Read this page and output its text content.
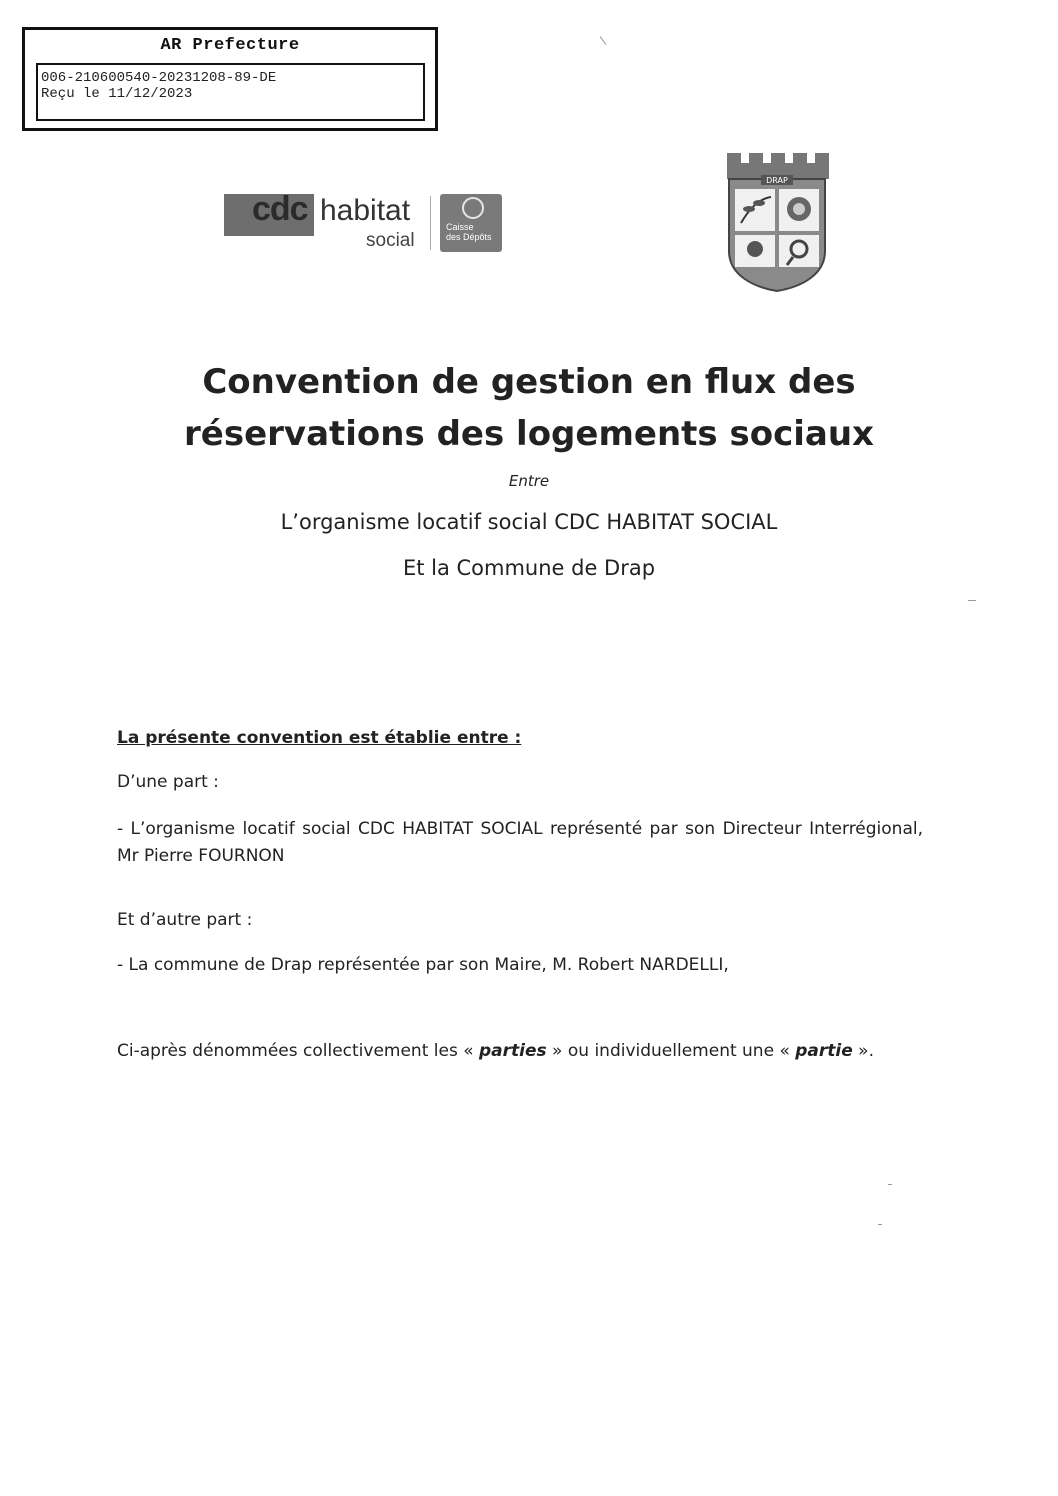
AR Prefecture
006-210600540-20231208-89-DE
Reçu le 11/12/2023
cdc habitat
social
Caisse
des Dépôts
DRAP
Convention de gestion en flux des
réservations des logements sociaux
Entre
L’organisme locatif social CDC HABITAT SOCIAL
Et la Commune de Drap
La présente convention est établie entre :
D’une part :
- L’organisme locatif social CDC HABITAT SOCIAL représenté par son Directeur Interrégional, Mr Pierre FOURNON
Et d’autre part :
- La commune de Drap représentée par son Maire, M. Robert NARDELLI,
Ci-après dénommées collectivement les « parties » ou individuellement une « partie ».
